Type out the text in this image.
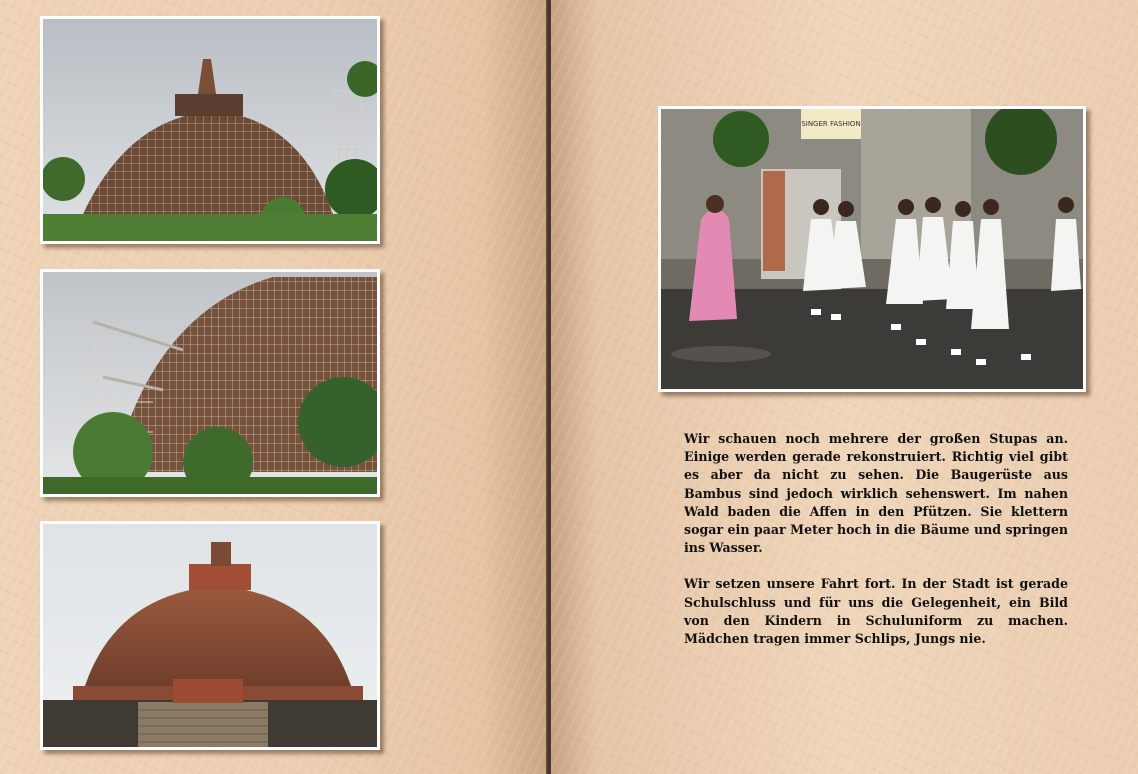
SINGER FASHION

Wir schauen noch mehrere der großen Stupas an. Einige werden gerade rekonstruiert. Richtig viel gibt es aber da nicht zu sehen. Die Baugerüste aus Bambus sind jedoch wirklich sehenswert. Im nahen Wald baden die Affen in den Pfützen. Sie klettern sogar ein paar Meter hoch in die Bäume und springen ins Wasser.

Wir setzen unsere Fahrt fort. In der Stadt ist gerade Schulschluss und für uns die Gelegenheit, ein Bild von den Kindern in Schuluniform zu machen. Mädchen tragen immer Schlips, Jungs nie.
